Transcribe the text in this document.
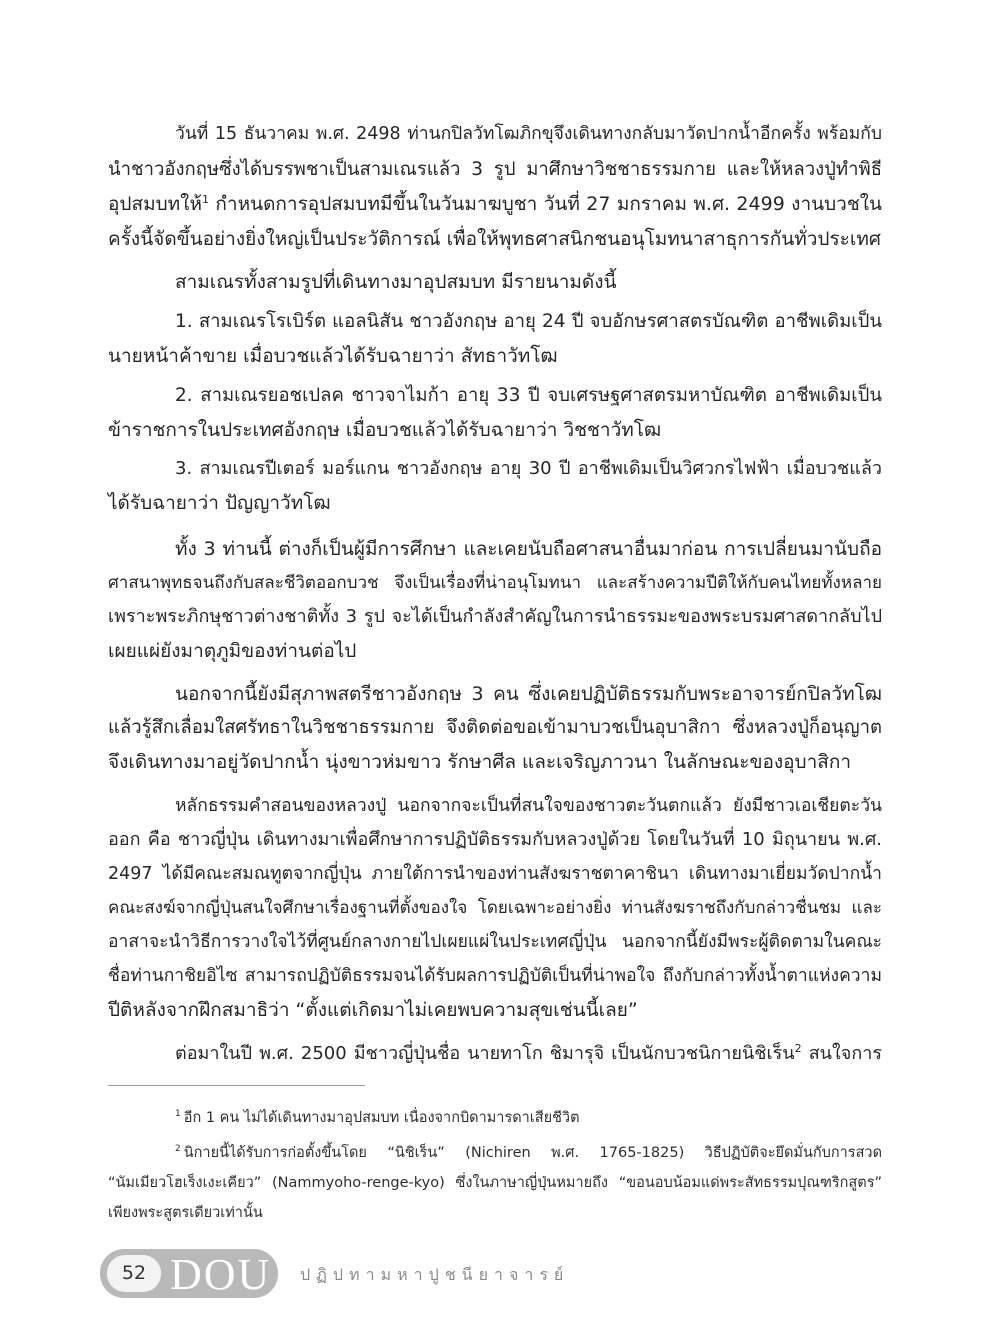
วันที่ 15 ธันวาคม พ.ศ. 2498 ท่านกปิลวัทโฒภิกขุจึงเดินทางกลับมาวัดปากน้ำอีกครั้ง พร้อมกับ
นำชาวอังกฤษซึ่งได้บรรพชาเป็นสามเณรแล้ว 3 รูป มาศึกษาวิชชาธรรมกาย และให้หลวงปู่ทำพิธี
อุปสมบทให้$^1$ กำหนดการอุปสมบทมีขึ้นในวันมาฆบูชา วันที่ 27 มกราคม พ.ศ. 2499 งานบวชใน
ครั้งนี้จัดขึ้นอย่างยิ่งใหญ่เป็นประวัติการณ์ เพื่อให้พุทธศาสนิกชนอนุโมทนาสาธุการกันทั่วประเทศ
สามเณรทั้งสามรูปที่เดินทางมาอุปสมบท มีรายนามดังนี้
1. สามเณรโรเบิร์ต แอลนิสัน ชาวอังกฤษ อายุ 24 ปี จบอักษรศาสตรบัณฑิต อาชีพเดิมเป็น
นายหน้าค้าขาย เมื่อบวชแล้วได้รับฉายาว่า สัทธาวัทโฒ
2. สามเณรยอชเปลค ชาวจาไมก้า อายุ 33 ปี จบเศรษฐศาสตรมหาบัณฑิต อาชีพเดิมเป็น
ข้าราชการในประเทศอังกฤษ เมื่อบวชแล้วได้รับฉายาว่า วิชชาวัทโฒ
3. สามเณรปีเตอร์ มอร์แกน ชาวอังกฤษ อายุ 30 ปี อาชีพเดิมเป็นวิศวกรไฟฟ้า เมื่อบวชแล้ว
ได้รับฉายาว่า ปัญญาวัทโฒ
ทั้ง 3 ท่านนี้ ต่างก็เป็นผู้มีการศึกษา และเคยนับถือศาสนาอื่นมาก่อน การเปลี่ยนมานับถือ
ศาสนาพุทธจนถึงกับสละชีวิตออกบวช จึงเป็นเรื่องที่น่าอนุโมทนา และสร้างความปีติให้กับคนไทยทั้งหลาย
เพราะพระภิกษุชาวต่างชาติทั้ง 3 รูป จะได้เป็นกำลังสำคัญในการนำธรรมะของพระบรมศาสดากลับไป
เผยแผ่ยังมาตุภูมิของท่านต่อไป
นอกจากนี้ยังมีสุภาพสตรีชาวอังกฤษ 3 คน ซึ่งเคยปฏิบัติธรรมกับพระอาจารย์กปิลวัทโฒ
แล้วรู้สึกเลื่อมใสศรัทธาในวิชชาธรรมกาย จึงติดต่อขอเข้ามาบวชเป็นอุบาสิกา ซึ่งหลวงปู่ก็อนุญาต
จึงเดินทางมาอยู่วัดปากน้ำ นุ่งขาวห่มขาว รักษาศีล และเจริญภาวนา ในลักษณะของอุบาสิกา
หลักธรรมคำสอนของหลวงปู่ นอกจากจะเป็นที่สนใจของชาวตะวันตกแล้ว ยังมีชาวเอเชียตะวัน
ออก คือ ชาวญี่ปุ่น เดินทางมาเพื่อศึกษาการปฏิบัติธรรมกับหลวงปู่ด้วย โดยในวันที่ 10 มิถุนายน พ.ศ.
2497 ได้มีคณะสมณทูตจากญี่ปุ่น ภายใต้การนำของท่านสังฆราชตาคาชินา เดินทางมาเยี่ยมวัดปากน้ำ
คณะสงฆ์จากญี่ปุ่นสนใจศึกษาเรื่องฐานที่ตั้งของใจ โดยเฉพาะอย่างยิ่ง ท่านสังฆราชถึงกับกล่าวชื่นชม และ
อาสาจะนำวิธีการวางใจไว้ที่ศูนย์กลางกายไปเผยแผ่ในประเทศญี่ปุ่น นอกจากนี้ยังมีพระผู้ติดตามในคณะ
ชื่อท่านกาชิยอิไซ สามารถปฏิบัติธรรมจนได้รับผลการปฏิบัติเป็นที่น่าพอใจ ถึงกับกล่าวทั้งน้ำตาแห่งความ
ปีติหลังจากฝึกสมาธิว่า “ตั้งแต่เกิดมาไม่เคยพบความสุขเช่นนี้เลย”
ต่อมาในปี พ.ศ. 2500 มีชาวญี่ปุ่นชื่อ นายทาโก ชิมารุจิ เป็นนักบวชนิกายนิชิเร็น$^2$ สนใจการ
$^1$ อีก 1 คน ไม่ได้เดินทางมาอุปสมบท เนื่องจากบิดามารดาเสียชีวิต
$^2$ นิกายนี้ได้รับการก่อตั้งขึ้นโดย “นิชิเร็น” (Nichiren พ.ศ. 1765-1825) วิธีปฏิบัติจะยึดมั่นกับการสวด
“นัมเมียวโฮเร็งเงะเคียว” (Nammyoho-renge-kyo) ซึ่งในภาษาญี่ปุ่นหมายถึง “ขอนอบน้อมแด่พระสัทธรรมปุณฑริกสูตร”
เพียงพระสูตรเดียวเท่านั้น
52 DOU ปฏิปทามหาปูชนียาจารย์
